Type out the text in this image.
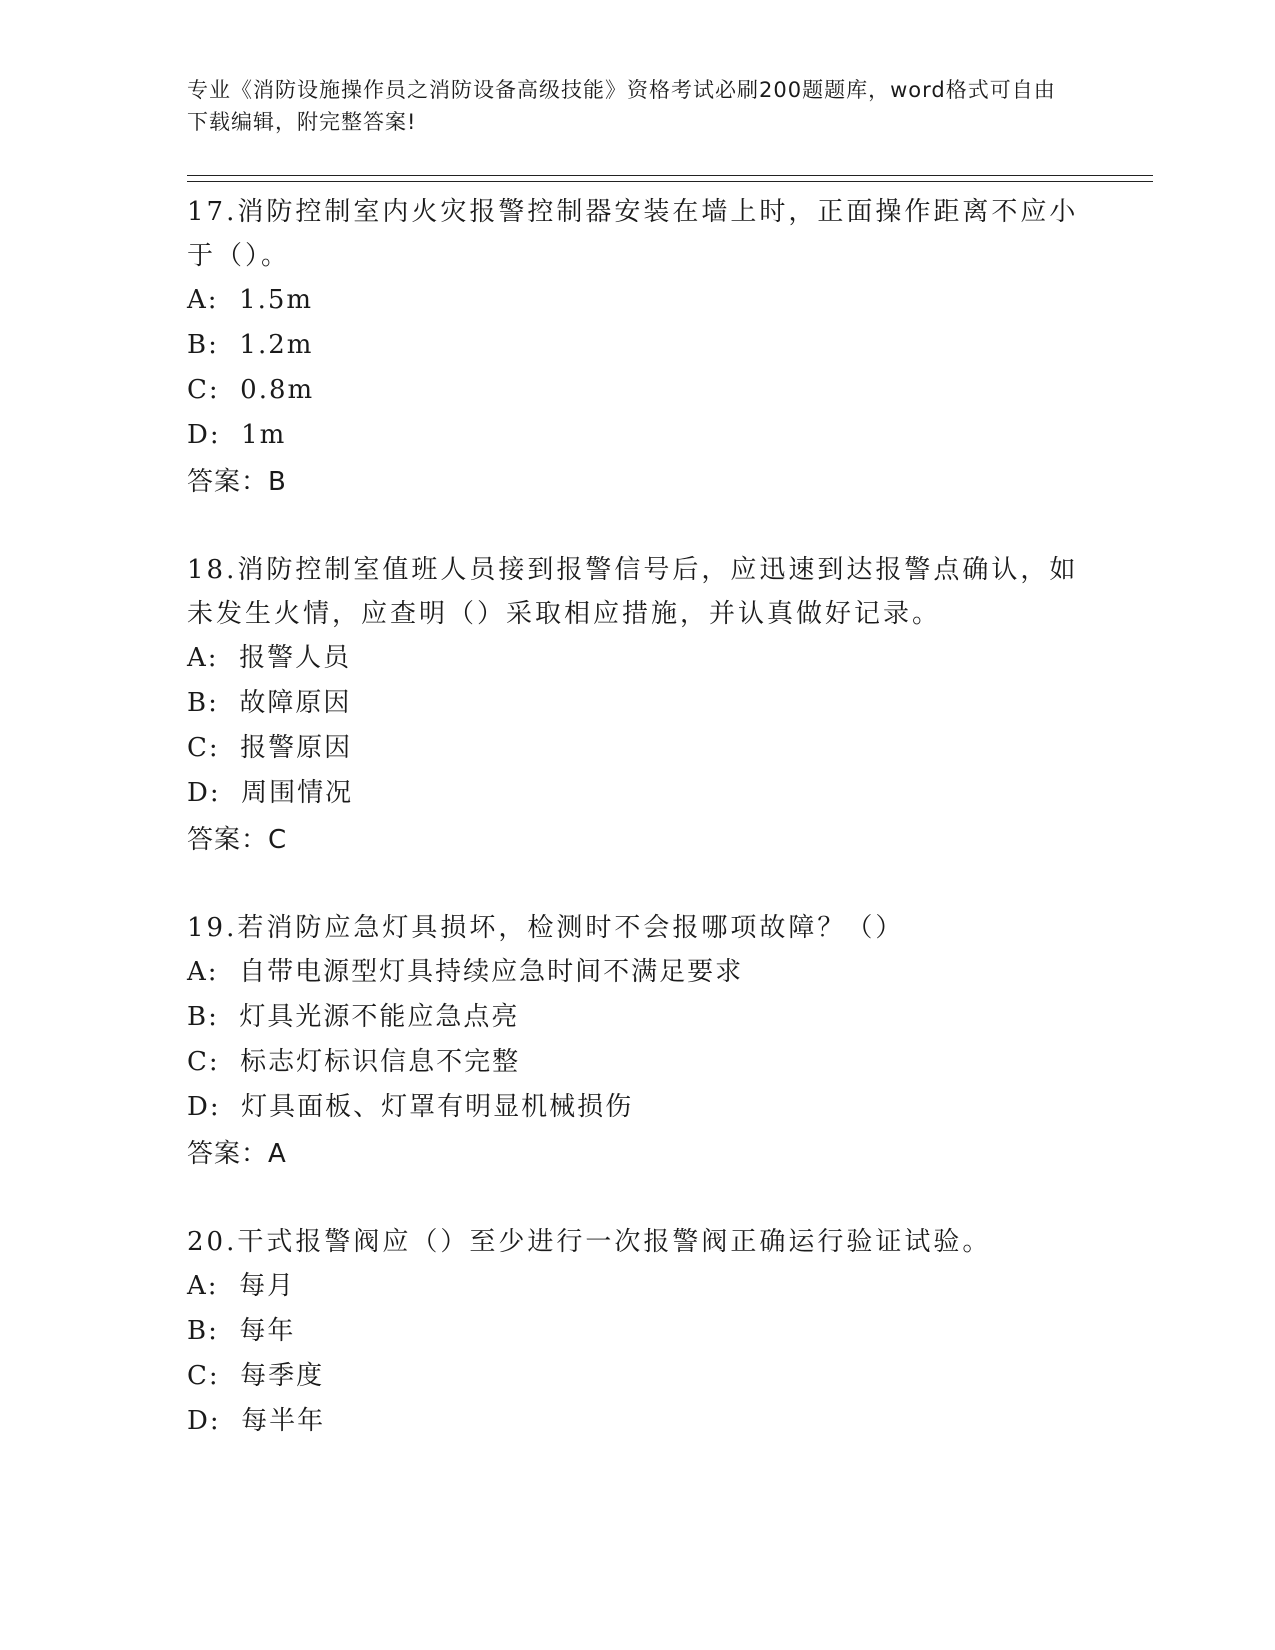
专业《消防设施操作员之消防设备高级技能》资格考试必刷200题题库，word格式可自由下载编辑，附完整答案!

17.消防控制室内火灾报警控制器安装在墙上时，正面操作距离不应小于（）。

A:  1.5m

B:  1.2m

C:  0.8m

D:  1m

答案：B

18.消防控制室值班人员接到报警信号后，应迅速到达报警点确认，如未发生火情，应查明（）采取相应措施，并认真做好记录。

A:  报警人员

B:  故障原因

C:  报警原因

D:  周围情况

答案：C

19.若消防应急灯具损坏，检测时不会报哪项故障？（）

A:  自带电源型灯具持续应急时间不满足要求

B:  灯具光源不能应急点亮

C:  标志灯标识信息不完整

D:  灯具面板、灯罩有明显机械损伤

答案：A

20.干式报警阀应（）至少进行一次报警阀正确运行验证试验。

A:  每月

B:  每年

C:  每季度

D:  每半年
